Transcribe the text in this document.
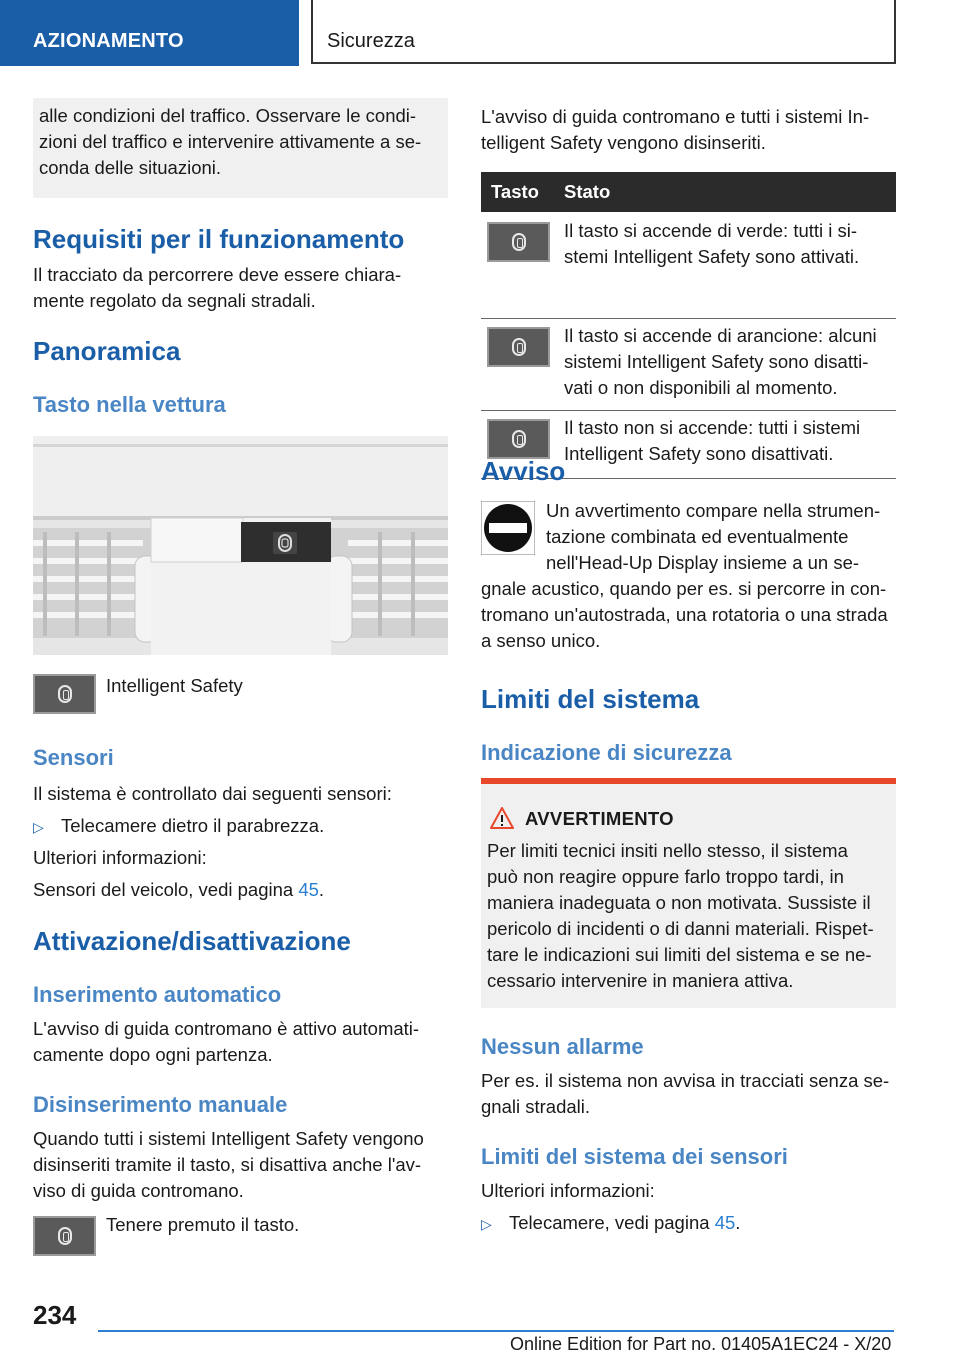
AZIONAMENTO	Sicurezza
alle condizioni del traffico. Osservare le condi-
zioni del traffico e intervenire attivamente a se-
conda delle situazioni.
Requisiti per il funzionamento
Il tracciato da percorrere deve essere chiara-
mente regolato da segnali stradali.
Panoramica
Tasto nella vettura
Intelligent Safety
Sensori
Il sistema è controllato dai seguenti sensori:
▷ Telecamere dietro il parabrezza.
Ulteriori informazioni:
Sensori del veicolo, vedi pagina 45.
Attivazione/disattivazione
Inserimento automatico
L'avviso di guida contromano è attivo automati-
camente dopo ogni partenza.
Disinserimento manuale
Quando tutti i sistemi Intelligent Safety vengono
disinseriti tramite il tasto, si disattiva anche l'av-
viso di guida contromano.
Tenere premuto il tasto.
L'avviso di guida contromano e tutti i sistemi In-
telligent Safety vengono disinseriti.
Tasto	Stato

	Il tasto si accende di verde: tutti i si-
stemi Intelligent Safety sono attivati.

	Il tasto si accende di arancione: alcuni
sistemi Intelligent Safety sono disatti-
vati o non disponibili al momento.

	Il tasto non si accende: tutti i sistemi
Intelligent Safety sono disattivati.
Avviso
Un avvertimento compare nella strumen-
tazione combinata ed eventualmente
nell'Head-Up Display insieme a un se-
gnale acustico, quando per es. si percorre in con-
tromano un'autostrada, una rotatoria o una strada
a senso unico.
Limiti del sistema
Indicazione di sicurezza
AVVERTIMENTO
Per limiti tecnici insiti nello stesso, il sistema
può non reagire oppure farlo troppo tardi, in
maniera inadeguata o non motivata. Sussiste il
pericolo di incidenti o di danni materiali. Rispet-
tare le indicazioni sui limiti del sistema e se ne-
cessario intervenire in maniera attiva.
Nessun allarme
Per es. il sistema non avvisa in tracciati senza se-
gnali stradali.
Limiti del sistema dei sensori
Ulteriori informazioni:
▷ Telecamere, vedi pagina 45.
234
Online Edition for Part no. 01405A1EC24 - X/20
